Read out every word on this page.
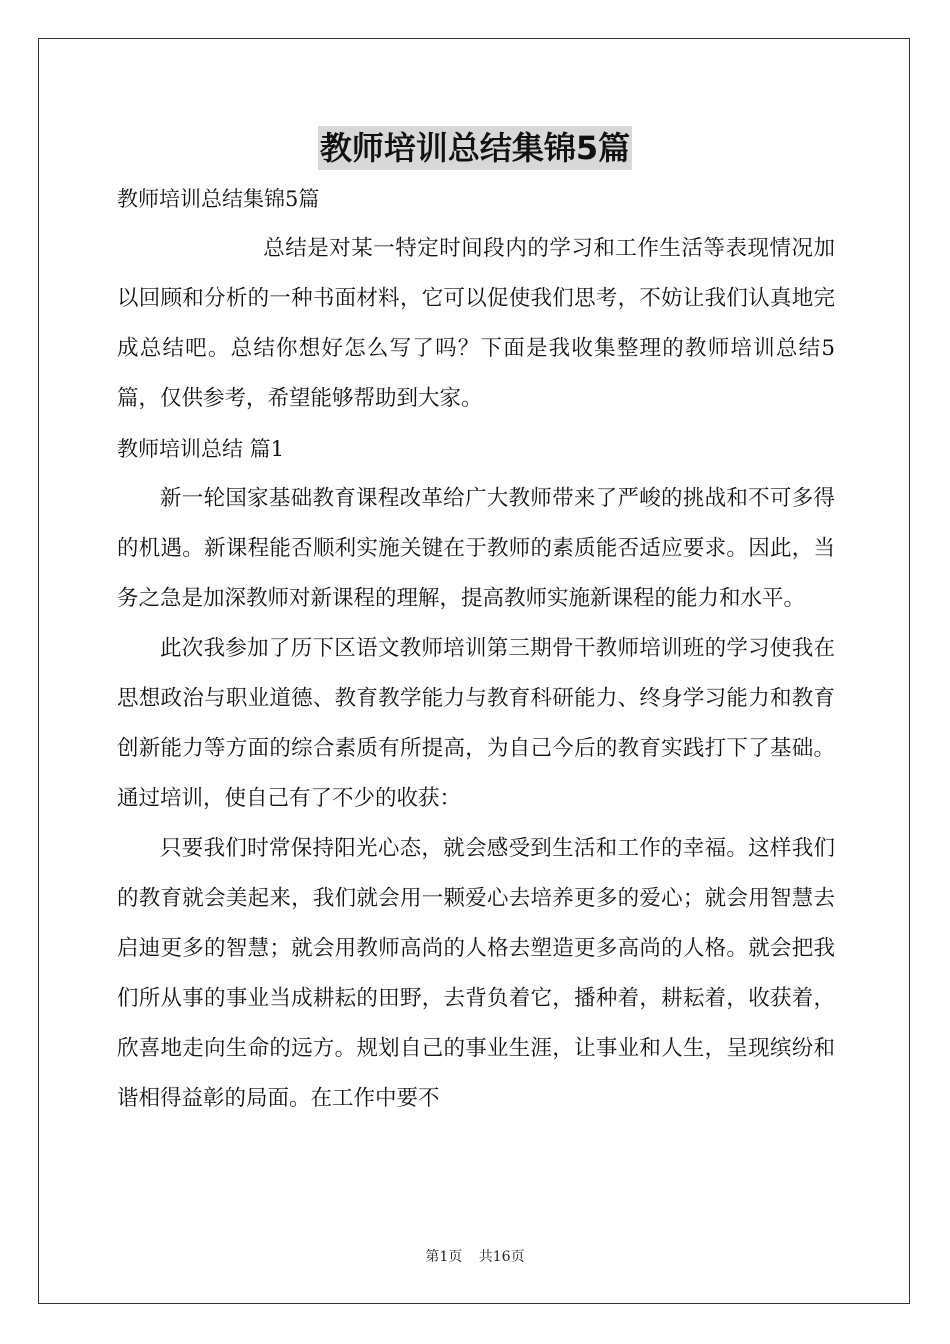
教师培训总结集锦5篇

教师培训总结集锦5篇

总结是对某一特定时间段内的学习和工作生活等表现情况加以回顾和分析的一种书面材料，它可以促使我们思考，不妨让我们认真地完成总结吧。总结你想好怎么写了吗？下面是我收集整理的教师培训总结5篇，仅供参考，希望能够帮助到大家。

教师培训总结 篇1

新一轮国家基础教育课程改革给广大教师带来了严峻的挑战和不可多得的机遇。新课程能否顺利实施关键在于教师的素质能否适应要求。因此，当务之急是加深教师对新课程的理解，提高教师实施新课程的能力和水平。

此次我参加了历下区语文教师培训第三期骨干教师培训班的学习使我在思想政治与职业道德、教育教学能力与教育科研能力、终身学习能力和教育创新能力等方面的综合素质有所提高，为自己今后的教育实践打下了基础。通过培训，使自己有了不少的收获：

只要我们时常保持阳光心态，就会感受到生活和工作的幸福。这样我们的教育就会美起来，我们就会用一颗爱心去培养更多的爱心；就会用智慧去启迪更多的智慧；就会用教师高尚的人格去塑造更多高尚的人格。就会把我们所从事的事业当成耕耘的田野，去背负着它，播种着，耕耘着，收获着，欣喜地走向生命的远方。规划自己的事业生涯，让事业和人生，呈现缤纷和谐相得益彰的局面。在工作中要不

第1页 共16页
